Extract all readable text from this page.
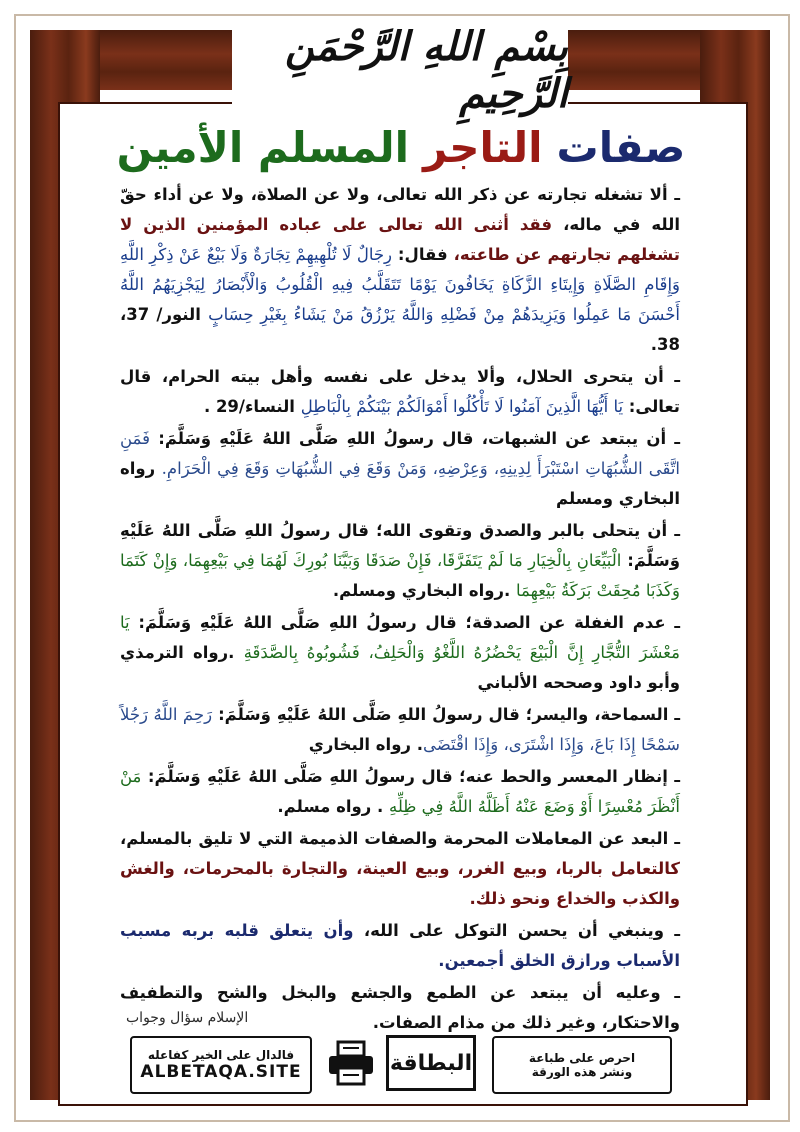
بِسْمِ اللهِ الرَّحْمَنِ الرَّحِيمِ
صفات
التاجر
المسلم الأمين

ـ ألا تشغله تجارته عن ذكر الله تعالى، ولا عن الصلاة، ولا عن أداء حقّ الله في ماله، فقد أثنى الله تعالى على عباده المؤمنين الذين لا تشغلهم تجارتهم عن طاعته، فقال: رِجَالٌ لَا تُلْهِيهِمْ تِجَارَةٌ وَلَا بَيْعٌ عَنْ ذِكْرِ اللَّهِ وَإِقَامِ الصَّلَاةِ وَإِيتَاءِ الزَّكَاةِ يَخَافُونَ يَوْمًا تَتَقَلَّبُ فِيهِ الْقُلُوبُ وَالْأَبْصَارُ لِيَجْزِيَهُمُ اللَّهُ أَحْسَنَ مَا عَمِلُوا وَيَزِيدَهُمْ مِنْ فَضْلِهِ وَاللَّهُ يَرْزُقُ مَنْ يَشَاءُ بِغَيْرِ حِسَابٍ النور/ 37، 38.

ـ أن يتحرى الحلال، وألا يدخل على نفسه وأهل بيته الحرام، قال تعالى: يَا أَيُّهَا الَّذِينَ آمَنُوا لَا تَأْكُلُوا أَمْوَالَكُمْ بَيْنَكُمْ بِالْبَاطِلِ النساء/29 .

ـ أن يبتعد عن الشبهات، قال رسولُ اللهِ صَلَّى اللهُ عَلَيْهِ وَسَلَّمَ: فَمَنِ اتَّقَى الشُّبُهَاتِ اسْتَبْرَأَ لِدِينِهِ، وَعِرْضِهِ، وَمَنْ وَقَعَ فِي الشُّبُهَاتِ وَقَعَ فِي الْحَرَامِ. رواه البخاري ومسلم

ـ أن يتحلى بالبر والصدق وتقوى الله؛ قال رسولُ اللهِ صَلَّى اللهُ عَلَيْهِ وَسَلَّمَ: الْبَيِّعَانِ بِالْخِيَارِ مَا لَمْ يَتَفَرَّقَا، فَإِنْ صَدَقَا وَبَيَّنَا بُورِكَ لَهُمَا فِي بَيْعِهِمَا، وَإِنْ كَتَمَا وَكَذَبَا مُحِقَتْ بَرَكَةُ بَيْعِهِمَا .رواه البخاري ومسلم.

ـ عدم الغفلة عن الصدقة؛ قال رسولُ اللهِ صَلَّى اللهُ عَلَيْهِ وَسَلَّمَ: يَا مَعْشَرَ التُّجَّارِ إِنَّ الْبَيْعَ يَحْضُرُهُ اللَّغْوُ وَالْحَلِفُ، فَشُوبُوهُ بِالصَّدَقَةِ .رواه الترمذي وأبو داود وصححه الألباني

ـ السماحة، واليسر؛ قال رسولُ اللهِ صَلَّى اللهُ عَلَيْهِ وَسَلَّمَ: رَحِمَ اللَّهُ رَجُلاً سَمْحًا إِذَا بَاعَ، وَإِذَا اشْتَرَى، وَإِذَا اقْتَضَى. رواه البخاري

ـ إنظار المعسر والحط عنه؛ قال رسولُ اللهِ صَلَّى اللهُ عَلَيْهِ وَسَلَّمَ: مَنْ أَنْظَرَ مُعْسِرًا أَوْ وَضَعَ عَنْهُ أَظَلَّهُ اللَّهُ فِي ظِلِّهِ . رواه مسلم.

ـ البعد عن المعاملات المحرمة والصفات الذميمة التي لا تليق بالمسلم، كالتعامل بالربا، وبيع الغرر، وبيع العينة، والتجارة بالمحرمات، والغش والكذب والخداع ونحو ذلك.

ـ وينبغي أن يحسن التوكل على الله، وأن يتعلق قلبه بربه مسبب الأسباب ورازق الخلق أجمعين.

ـ وعليه أن يبتعد عن الطمع والجشع والبخل والشح والتطفيف والاحتكار، وغير ذلك من مذام الصفات.

الإسلام سؤال وجواب
فالدال على الخير كفاعله
ALBETAQA.SITE	البطاقة	احرص على طباعة
ونشر هذه الورقة
